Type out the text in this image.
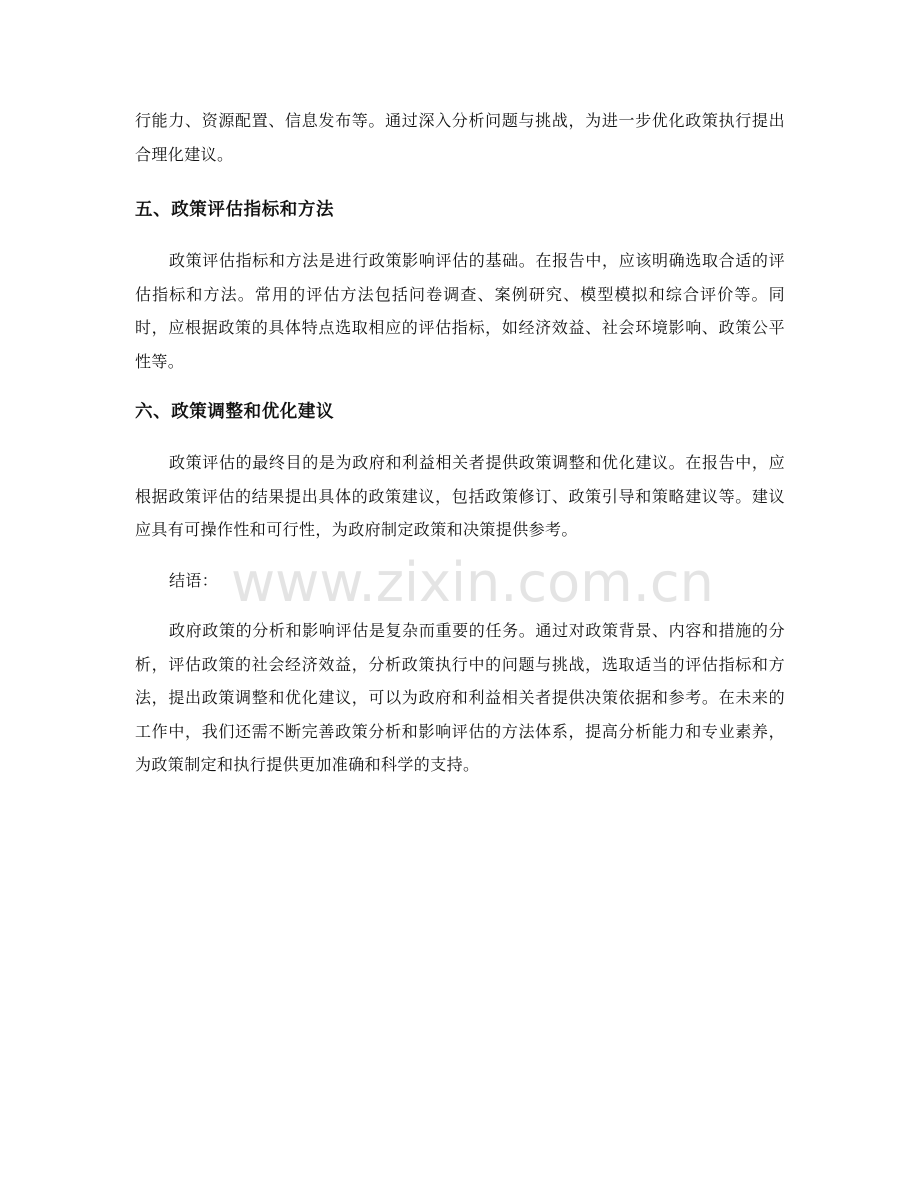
行能力、资源配置、信息发布等。通过深入分析问题与挑战，为进一步优化政策执行提出合理化建议。

五、政策评估指标和方法

政策评估指标和方法是进行政策影响评估的基础。在报告中，应该明确选取合适的评估指标和方法。常用的评估方法包括问卷调查、案例研究、模型模拟和综合评价等。同时，应根据政策的具体特点选取相应的评估指标，如经济效益、社会环境影响、政策公平性等。

六、政策调整和优化建议

政策评估的最终目的是为政府和利益相关者提供政策调整和优化建议。在报告中，应根据政策评估的结果提出具体的政策建议，包括政策修订、政策引导和策略建议等。建议应具有可操作性和可行性，为政府制定政策和决策提供参考。

结语：

政府政策的分析和影响评估是复杂而重要的任务。通过对政策背景、内容和措施的分析，评估政策的社会经济效益，分析政策执行中的问题与挑战，选取适当的评估指标和方法，提出政策调整和优化建议，可以为政府和利益相关者提供决策依据和参考。在未来的工作中，我们还需不断完善政策分析和影响评估的方法体系，提高分析能力和专业素养，为政策制定和执行提供更加准确和科学的支持。

www.zixin.com.cn
